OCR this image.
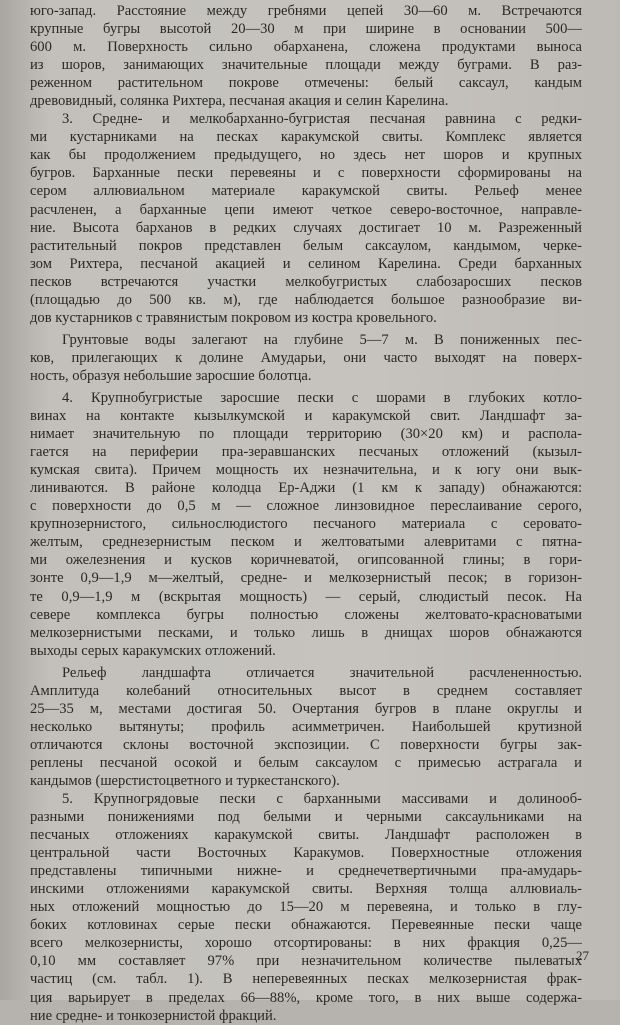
юго-запад. Расстояние между гребнями цепей 30—60 м. Встречаются
крупные бугры высотой 20—30 м при ширине в основании 500—
600 м. Поверхность сильно обарханена, сложена продуктами выноса
из шоров, занимающих значительные площади между буграми. В раз-
реженном растительном покрове отмечены: белый саксаул, кандым
древовидный, солянка Рихтера, песчаная акация и селин Карелина.
3. Средне- и мелкобарханно-бугристая песчаная равнина с редки-
ми кустарниками на песках каракумской свиты. Комплекс является
как бы продолжением предыдущего, но здесь нет шоров и крупных
бугров. Барханные пески перевеяны и с поверхности сформированы на
сером аллювиальном материале каракумской свиты. Рельеф менее
расчленен, а барханные цепи имеют четкое северо-восточное, направле-
ние. Высота барханов в редких случаях достигает 10 м. Разреженный
растительный покров представлен белым саксаулом, кандымом, черке-
зом Рихтера, песчаной акацией и селином Карелина. Среди барханных
песков встречаются участки мелкобугристых слабозаросших песков
(площадью до 500 кв. м), где наблюдается большое разнообразие ви-
дов кустарников с травянистым покровом из костра кровельного.
Грунтовые воды залегают на глубине 5—7 м. В пониженных пес-
ков, прилегающих к долине Амударьи, они часто выходят на поверх-
ность, образуя небольшие заросшие болотца.
4. Крупнобугристые заросшие пески с шорами в глубоких котло-
винах на контакте кызылкумской и каракумской свит. Ландшафт за-
нимает значительную по площади территорию (30×20 км) и распола-
гается на периферии пра-зеравшанских песчаных отложений (кызыл-
кумская свита). Причем мощность их незначительна, и к югу они вык-
линиваются. В районе колодца Ер-Аджи (1 км к западу) обнажаются:
с поверхности до 0,5 м — сложное линзовидное переслаивание серого,
крупнозернистого, сильнослюдистого песчаного материала с серовато-
желтым, среднезернистым песком и желтоватыми алевритами с пятна-
ми ожелезнения и кусков коричневатой, огипсованной глины; в гори-
зонте 0,9—1,9 м—желтый, средне- и мелкозернистый песок; в горизон-
те 0,9—1,9 м (вскрытая мощность) — серый, слюдистый песок. На
севере комплекса бугры полностью сложены желтовато-красноватыми
мелкозернистыми песками, и только лишь в днищах шоров обнажаются
выходы серых каракумских отложений.
Рельеф ландшафта отличается значительной расчлененностью.
Амплитуда колебаний относительных высот в среднем составляет
25—35 м, местами достигая 50. Очертания бугров в плане округлы и
несколько вытянуты; профиль асимметричен. Наибольшей крутизной
отличаются склоны восточной экспозиции. С поверхности бугры зак-
реплены песчаной осокой и белым саксаулом с примесью астрагала и
кандымов (шерстистоцветного и туркестанского).
5. Крупногрядовые пески с барханными массивами и долинооб-
разными понижениями под белыми и черными саксаульниками на
песчаных отложениях каракумской свиты. Ландшафт расположен в
центральной части Восточных Каракумов. Поверхностные отложения
представлены типичными нижне- и среднечетвертичными пра-амударь-
инскими отложениями каракумской свиты. Верхняя толща аллювиаль-
ных отложений мощностью до 15—20 м перевеяна, и только в глу-
боких котловинах серые пески обнажаются. Перевеянные пески чаще
всего мелкозернисты, хорошо отсортированы: в них фракция 0,25—
0,10 мм составляет 97% при незначительном количестве пылеватых
частиц (см. табл. 1). В неперевеянных песках мелкозернистая фрак-
ция варьирует в пределах 66—88%, кроме того, в них выше содержа-
ние средне- и тонкозернистой фракций.
27
